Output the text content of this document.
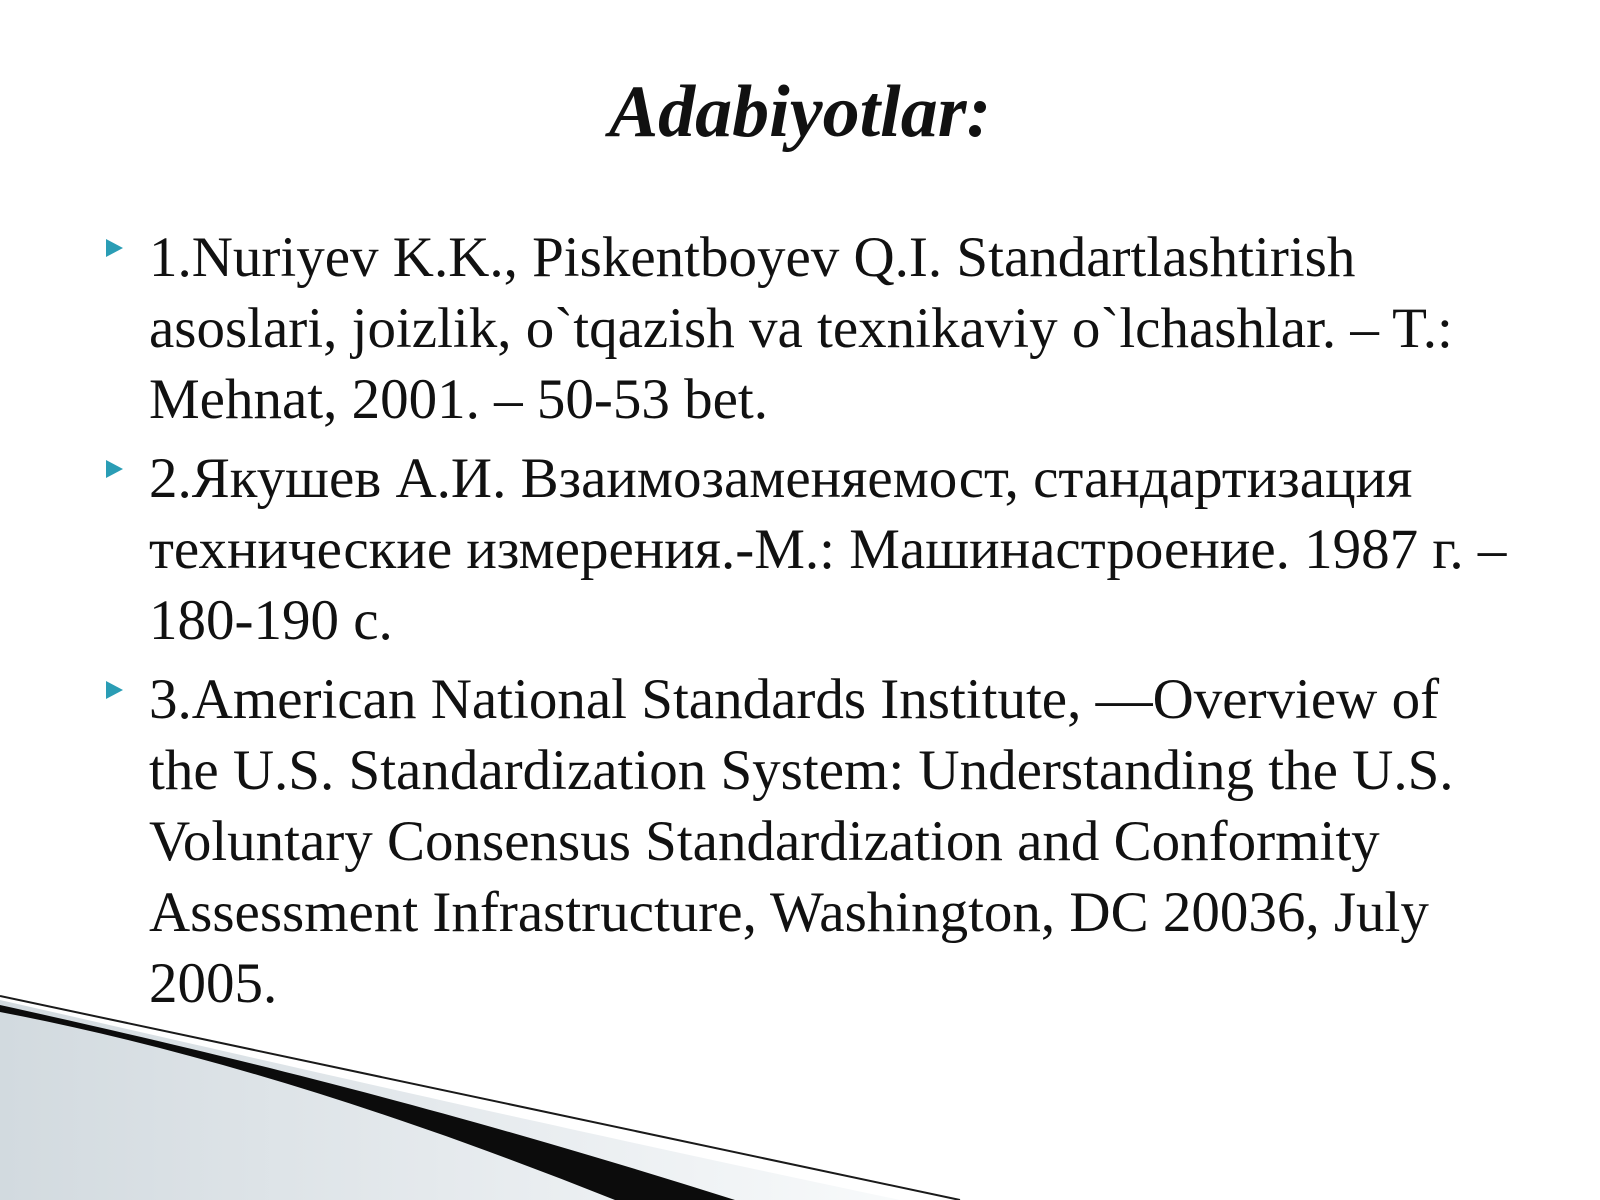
Adabiyotlar:
1.Nuriyev K.K., Piskentboyev Q.I. Standartlashtirish asoslari, joizlik, o`tqazish va texnikaviy o`lchashlar. – T.: Mehnat, 2001. – 50-53 bet.
2.Якушев А.И. Взаимозаменяемост, стандартизация технические измерения.-М.: Машинастроение. 1987 г. – 180-190 с.
3.American National Standards Institute, —Overview of the U.S. Standardization System: Understanding the U.S. Voluntary Consensus Standardization and Conformity Assessment Infrastructure, Washington, DC 20036, July 2005.
